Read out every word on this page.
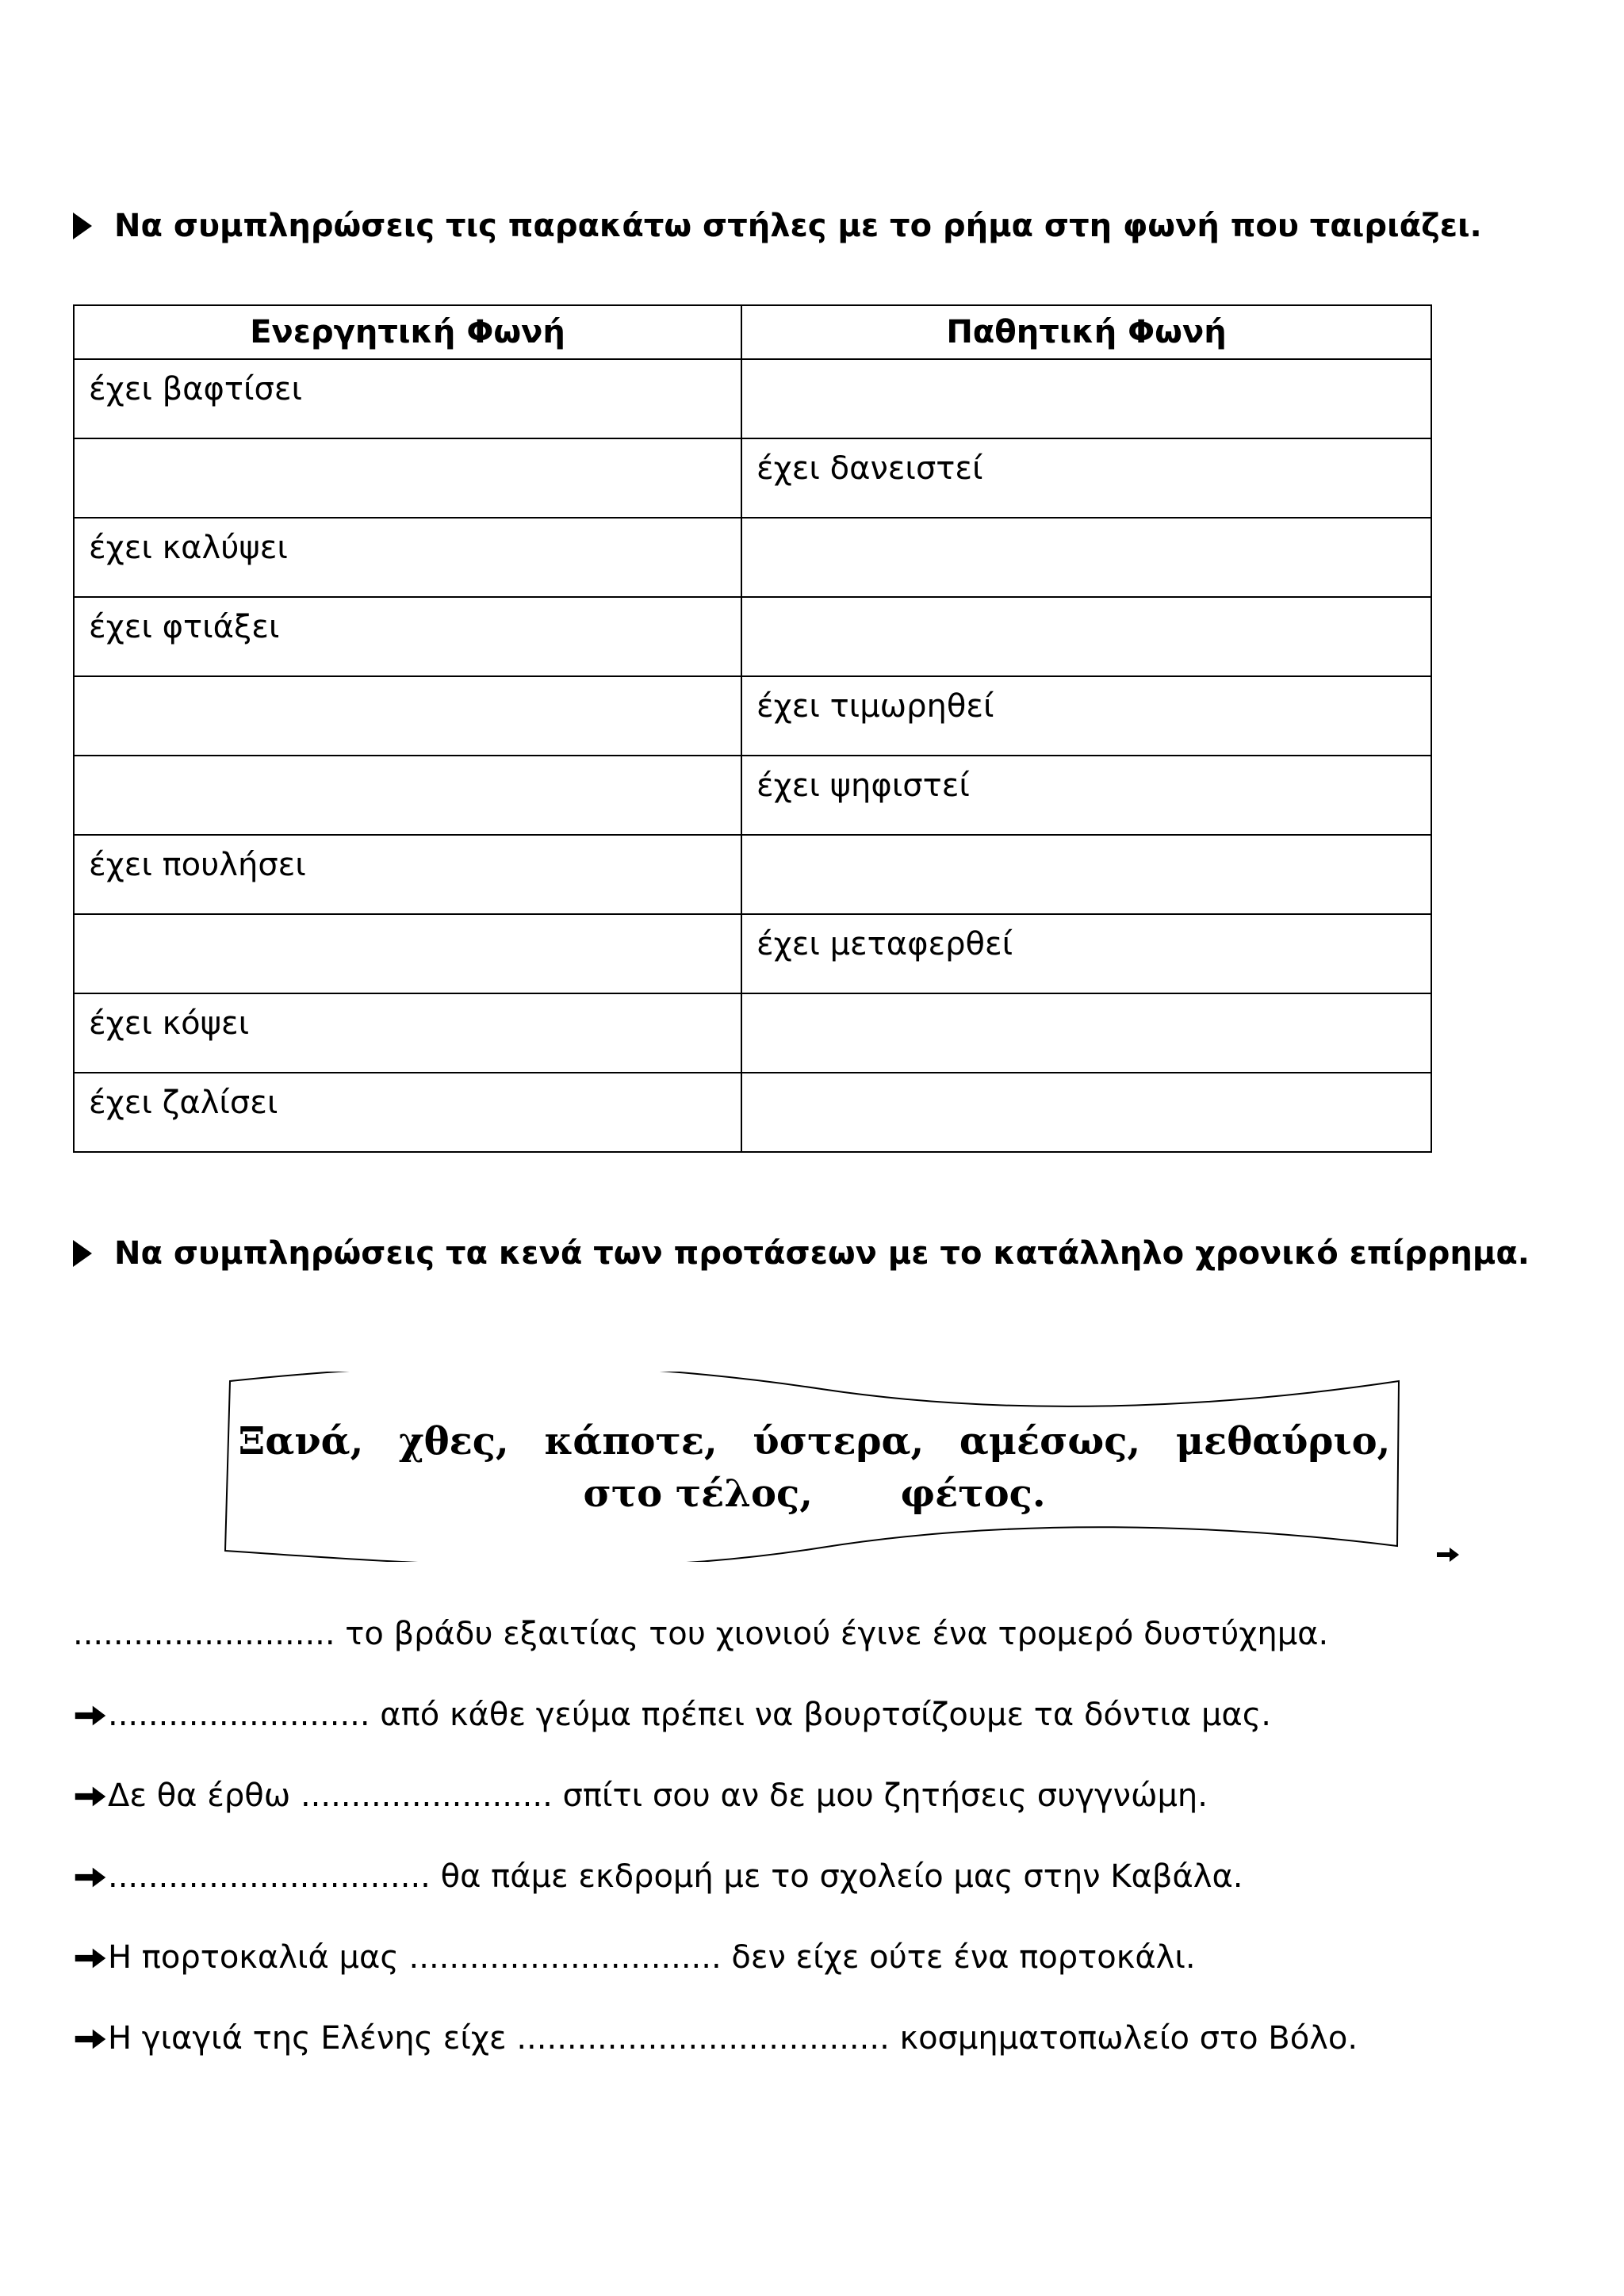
Να συμπληρώσεις τις παρακάτω στήλες με το ρήμα στη φωνή που ταιριάζει.
Ενεργητική Φωνή	Παθητική Φωνή
έχει βαφτίσει	
	έχει δανειστεί
έχει καλύψει	
έχει φτιάξει	
	έχει τιμωρηθεί
	έχει ψηφιστεί
έχει πουλήσει	
	έχει μεταφερθεί
έχει κόψει	
έχει ζαλίσει	
Να συμπληρώσεις τα κενά των προτάσεων με το κατάλληλο χρονικό επίρρημα.
Ξανά, χθες, κάποτε, ύστερα, αμέσως, μεθαύριο,
στο τέλος, φέτος.
.......................... το βράδυ εξαιτίας του χιονιού έγινε ένα τρομερό δυστύχημα.
.......................... από κάθε γεύμα πρέπει να βουρτσίζουμε τα δόντια μας.
Δε θα έρθω ......................... σπίτι σου αν δε μου ζητήσεις συγγνώμη.
................................ θα πάμε εκδρομή με το σχολείο μας στην Καβάλα.
Η πορτοκαλιά μας ............................... δεν είχε ούτε ένα πορτοκάλι.
Η γιαγιά της Ελένης είχε ..................................... κοσμηματοπωλείο στο Βόλο.
